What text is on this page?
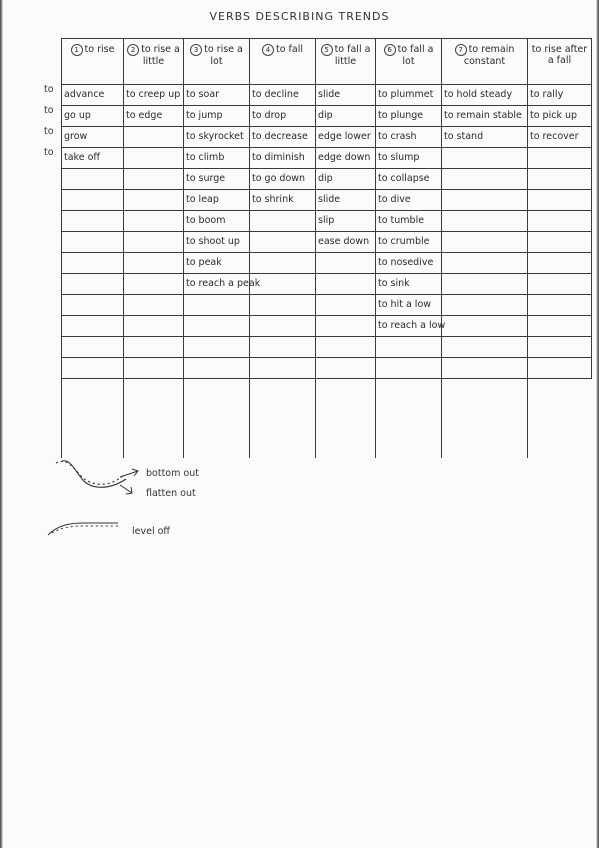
VERBS DESCRIBING TRENDS
1 to rise	2 to rise a little	3 to rise a lot	4 to fall	5 to fall a little	6 to fall a lot	7 to remain constant	to rise after a fall
advance	to creep up	to soar	to decline	slide	to plummet	to hold steady	to rally
go up	to edge	to jump	to drop	dip	to plunge	to remain stable	to pick up
grow		to skyrocket	to decrease	edge lower	to crash	to stand	to recover
take off		to climb	to diminish	edge down	to slump		
		to surge	to go down	dip	to collapse		
		to leap	to shrink	slide	to dive		
		to boom		slip	to tumble		
		to shoot up		ease down	to crumble		
		to peak			to nosedive		
		to reach a peak			to sink		
					to hit a low		
					to reach a low		

to
to
to
to
bottom out
flatten out
level off
